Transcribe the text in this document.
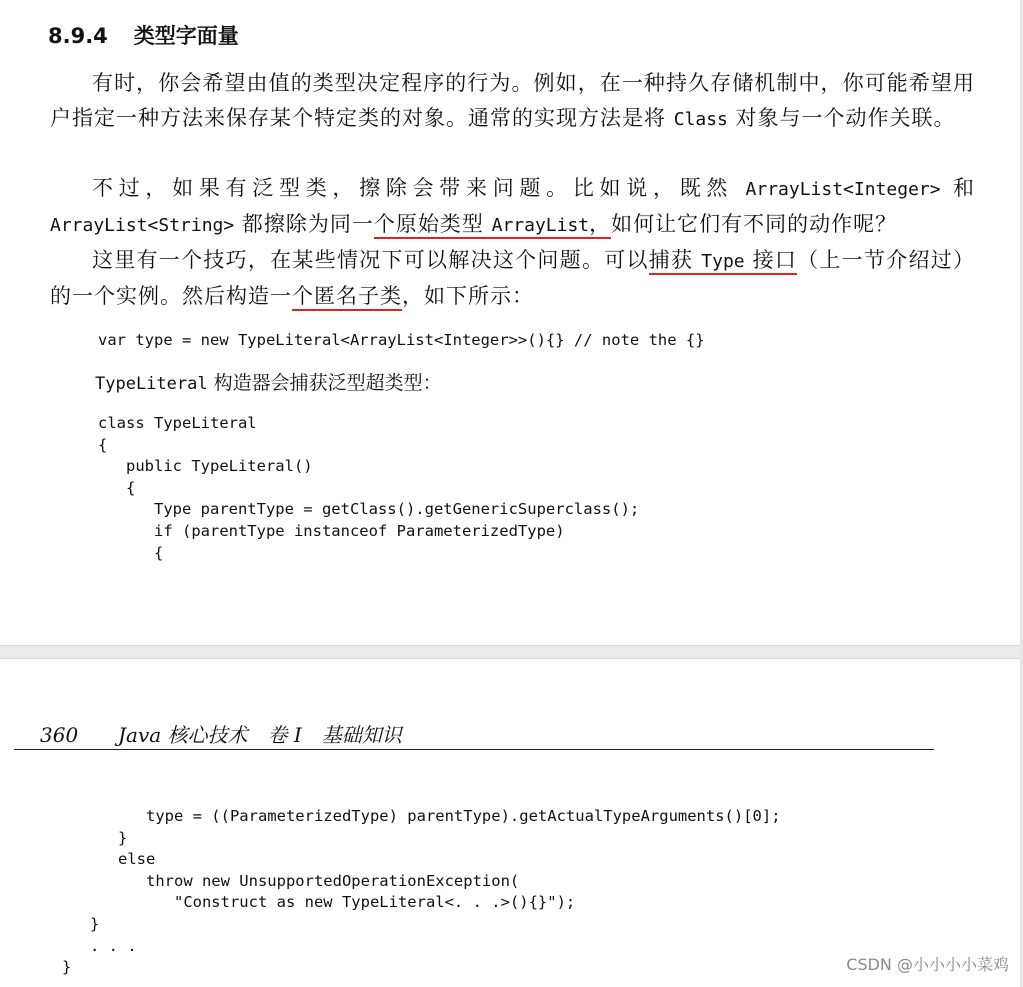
8.9.4 类型字面量

有时，你会希望由值的类型决定程序的行为。例如，在一种持久存储机制中，你可能希望用户指定一种方法来保存某个特定类的对象。通常的实现方法是将 Class 对象与一个动作关联。

不过，如果有泛型类，擦除会带来问题。比如说，既然 ArrayList<Integer> 和 ArrayList<String> 都擦除为同一个原始类型 ArrayList，如何让它们有不同的动作呢？

这里有一个技巧，在某些情况下可以解决这个问题。可以捕获 Type 接口（上一节介绍过）的一个实例。然后构造一个匿名子类，如下所示：

var type = new TypeLiteral<ArrayList<Integer>>(){} // note the {}
TypeLiteral 构造器会捕获泛型超类型：
class TypeLiteral
{
public TypeLiteral()
{
Type parentType = getClass().getGenericSuperclass();
if (parentType instanceof ParameterizedType)
{
360 Java 核心技术 卷 I 基础知识
type = ((ParameterizedType) parentType).getActualTypeArguments()[0];
}
else
throw new UnsupportedOperationException(
"Construct as new TypeLiteral<. . .>(){}");
}
. . .
}	CSDN @小小小小菜鸡
